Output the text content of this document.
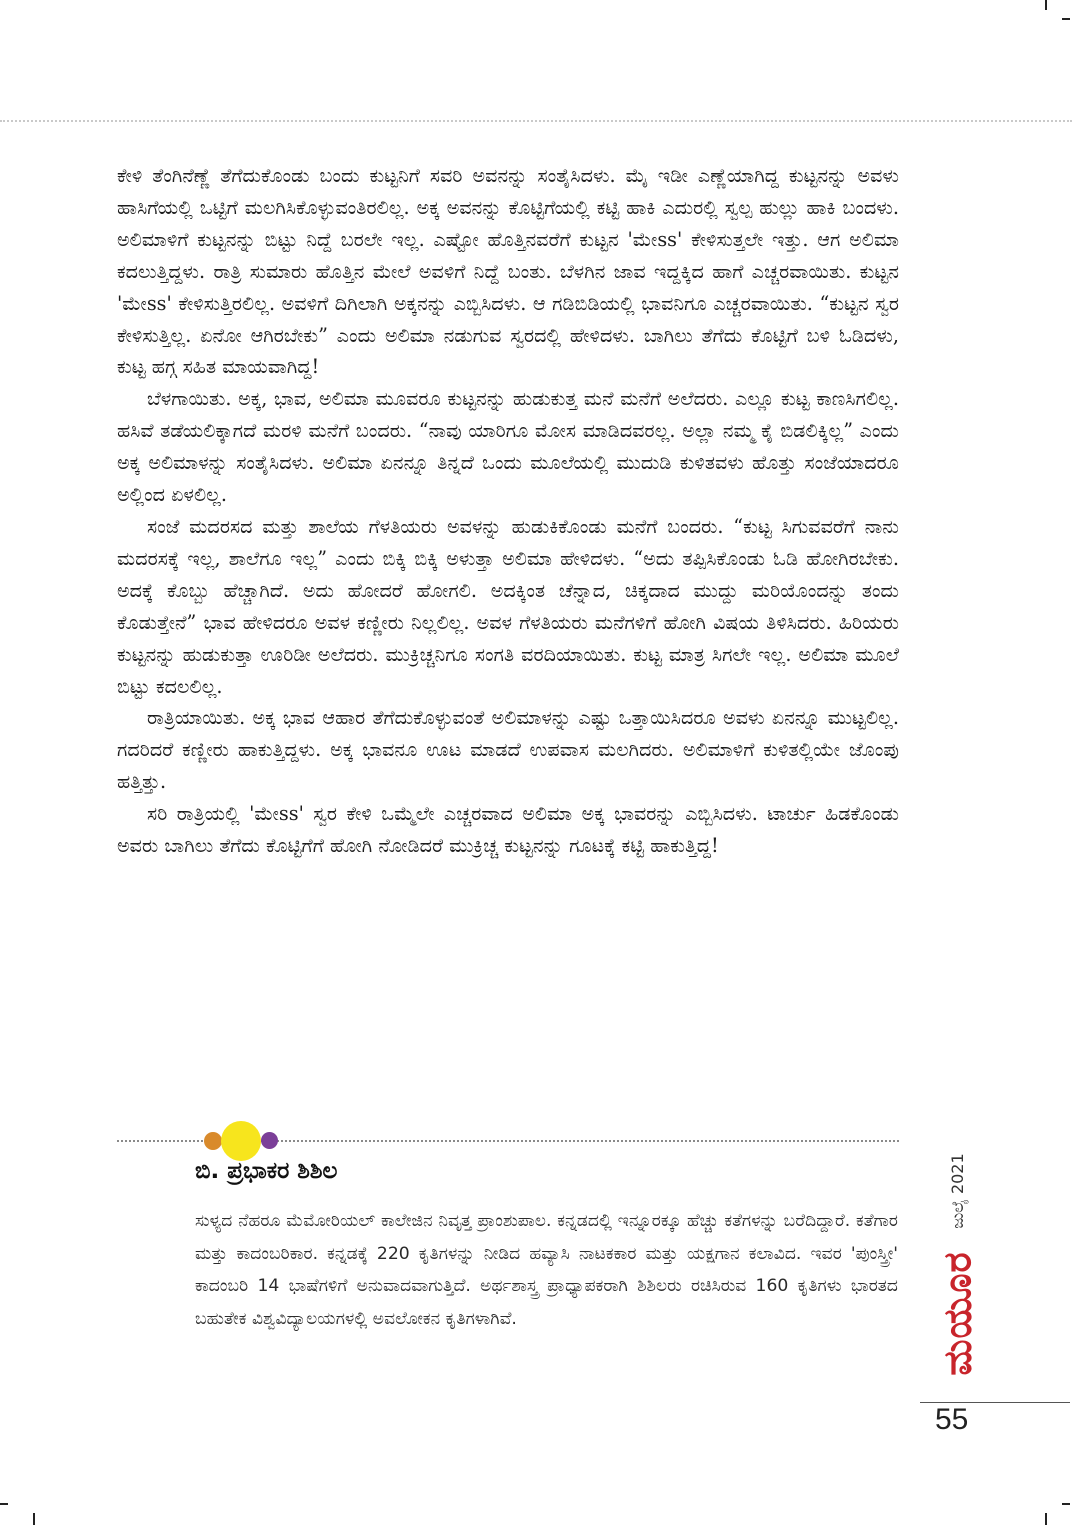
ಕೇಳಿ ತೆಂಗಿನೆಣ್ಣೆ ತೆಗೆದುಕೊಂಡು ಬಂದು ಕುಟ್ಟನಿಗೆ ಸವರಿ ಅವನನ್ನು ಸಂತೈಸಿದಳು. ಮೈ ಇಡೀ ಎಣ್ಣೆಯಾಗಿದ್ದ ಕುಟ್ಟನನ್ನು ಅವಳು ಹಾಸಿಗೆಯಲ್ಲಿ ಒಟ್ಟಿಗೆ ಮಲಗಿಸಿಕೊಳ್ಳುವಂತಿರಲಿಲ್ಲ. ಅಕ್ಕ ಅವನನ್ನು ಕೊಟ್ಟಿಗೆಯಲ್ಲಿ ಕಟ್ಟಿ ಹಾಕಿ ಎದುರಲ್ಲಿ ಸ್ವಲ್ಪ ಹುಲ್ಲು ಹಾಕಿ ಬಂದಳು. ಅಲಿಮಾಳಿಗೆ ಕುಟ್ಟನನ್ನು ಬಿಟ್ಟು ನಿದ್ದೆ ಬರಲೇ ಇಲ್ಲ. ಎಷ್ಟೋ ಹೊತ್ತಿನವರೆಗೆ ಕುಟ್ಟನ 'ಮೇss' ಕೇಳಿಸುತ್ತಲೇ ಇತ್ತು. ಆಗ ಅಲಿಮಾ ಕದಲುತ್ತಿದ್ದಳು. ರಾತ್ರಿ ಸುಮಾರು ಹೊತ್ತಿನ ಮೇಲೆ ಅವಳಿಗೆ ನಿದ್ದೆ ಬಂತು. ಬೆಳಗಿನ ಜಾವ ಇದ್ದಕ್ಕಿದ ಹಾಗೆ ಎಚ್ಚರವಾಯಿತು. ಕುಟ್ಟನ 'ಮೇss' ಕೇಳಿಸುತ್ತಿರಲಿಲ್ಲ. ಅವಳಿಗೆ ದಿಗಿಲಾಗಿ ಅಕ್ಕನನ್ನು ಎಬ್ಬಿಸಿದಳು. ಆ ಗಡಿಬಿಡಿಯಲ್ಲಿ ಭಾವನಿಗೂ ಎಚ್ಚರವಾಯಿತು. “ಕುಟ್ಟನ ಸ್ವರ ಕೇಳಿಸುತ್ತಿಲ್ಲ. ಏನೋ ಆಗಿರಬೇಕು” ಎಂದು ಅಲಿಮಾ ನಡುಗುವ ಸ್ವರದಲ್ಲಿ ಹೇಳಿದಳು. ಬಾಗಿಲು ತೆಗೆದು ಕೊಟ್ಟಿಗೆ ಬಳಿ ಓಡಿದಳು, ಕುಟ್ಟ ಹಗ್ಗ ಸಹಿತ ಮಾಯವಾಗಿದ್ದ!

ಬೆಳಗಾಯಿತು. ಅಕ್ಕ, ಭಾವ, ಅಲಿಮಾ ಮೂವರೂ ಕುಟ್ಟನನ್ನು ಹುಡುಕುತ್ತ ಮನೆ ಮನೆಗೆ ಅಲೆದರು. ಎಲ್ಲೂ ಕುಟ್ಟ ಕಾಣಸಿಗಲಿಲ್ಲ. ಹಸಿವೆ ತಡೆಯಲಿಕ್ಕಾಗದೆ ಮರಳಿ ಮನೆಗೆ ಬಂದರು. “ನಾವು ಯಾರಿಗೂ ಮೋಸ ಮಾಡಿದವರಲ್ಲ. ಅಲ್ಲಾ ನಮ್ಮ ಕೈ ಬಿಡಲಿಕ್ಕಿಲ್ಲ” ಎಂದು ಅಕ್ಕ ಅಲಿಮಾಳನ್ನು ಸಂತೈಸಿದಳು. ಅಲಿಮಾ ಏನನ್ನೂ ತಿನ್ನದೆ ಒಂದು ಮೂಲೆಯಲ್ಲಿ ಮುದುಡಿ ಕುಳಿತವಳು ಹೊತ್ತು ಸಂಜೆಯಾದರೂ ಅಲ್ಲಿಂದ ಏಳಲಿಲ್ಲ.

ಸಂಜೆ ಮದರಸದ ಮತ್ತು ಶಾಲೆಯ ಗೆಳತಿಯರು ಅವಳನ್ನು ಹುಡುಕಿಕೊಂಡು ಮನೆಗೆ ಬಂದರು. “ಕುಟ್ಟ ಸಿಗುವವರೆಗೆ ನಾನು ಮದರಸಕ್ಕೆ ಇಲ್ಲ, ಶಾಲೆಗೂ ಇಲ್ಲ” ಎಂದು ಬಿಕ್ಕಿ ಬಿಕ್ಕಿ ಅಳುತ್ತಾ ಅಲಿಮಾ ಹೇಳಿದಳು. “ಅದು ತಪ್ಪಿಸಿಕೊಂಡು ಓಡಿ ಹೋಗಿರಬೇಕು. ಅದಕ್ಕೆ ಕೊಬ್ಬು ಹೆಚ್ಚಾಗಿದೆ. ಅದು ಹೋದರೆ ಹೋಗಲಿ. ಅದಕ್ಕಿಂತ ಚೆನ್ನಾದ, ಚಿಕ್ಕದಾದ ಮುದ್ದು ಮರಿಯೊಂದನ್ನು ತಂದು ಕೊಡುತ್ತೇನೆ” ಭಾವ ಹೇಳಿದರೂ ಅವಳ ಕಣ್ಣೀರು ನಿಲ್ಲಲಿಲ್ಲ. ಅವಳ ಗೆಳತಿಯರು ಮನೆಗಳಿಗೆ ಹೋಗಿ ವಿಷಯ ತಿಳಿಸಿದರು. ಹಿರಿಯರು ಕುಟ್ಟನನ್ನು ಹುಡುಕುತ್ತಾ ಊರಿಡೀ ಅಲೆದರು. ಮುಕ್ರಿಚ್ಚನಿಗೂ ಸಂಗತಿ ವರದಿಯಾಯಿತು. ಕುಟ್ಟ ಮಾತ್ರ ಸಿಗಲೇ ಇಲ್ಲ. ಅಲಿಮಾ ಮೂಲೆ ಬಿಟ್ಟು ಕದಲಲಿಲ್ಲ.

ರಾತ್ರಿಯಾಯಿತು. ಅಕ್ಕ ಭಾವ ಆಹಾರ ತೆಗೆದುಕೊಳ್ಳುವಂತೆ ಅಲಿಮಾಳನ್ನು ಎಷ್ಟು ಒತ್ತಾಯಿಸಿದರೂ ಅವಳು ಏನನ್ನೂ ಮುಟ್ಟಲಿಲ್ಲ. ಗದರಿದರೆ ಕಣ್ಣೀರು ಹಾಕುತ್ತಿದ್ದಳು. ಅಕ್ಕ ಭಾವನೂ ಊಟ ಮಾಡದೆ ಉಪವಾಸ ಮಲಗಿದರು. ಅಲಿಮಾಳಿಗೆ ಕುಳಿತಲ್ಲಿಯೇ ಜೊಂಪು ಹತ್ತಿತ್ತು.

ಸರಿ ರಾತ್ರಿಯಲ್ಲಿ 'ಮೇss' ಸ್ವರ ಕೇಳಿ ಒಮ್ಮೆಲೇ ಎಚ್ಚರವಾದ ಅಲಿಮಾ ಅಕ್ಕ ಭಾವರನ್ನು ಎಬ್ಬಿಸಿದಳು. ಟಾರ್ಚು ಹಿಡಕೊಂಡು ಅವರು ಬಾಗಿಲು ತೆಗೆದು ಕೊಟ್ಟಿಗೆಗೆ ಹೋಗಿ ನೋಡಿದರೆ ಮುಕ್ರಿಚ್ಚ ಕುಟ್ಟನನ್ನು ಗೂಟಕ್ಕೆ ಕಟ್ಟಿ ಹಾಕುತ್ತಿದ್ದ!

ಬಿ. ಪ್ರಭಾಕರ ಶಿಶಿಲ
ಸುಳ್ಯದ ನೆಹರೂ ಮೆಮೋರಿಯಲ್ ಕಾಲೇಜಿನ ನಿವೃತ್ತ ಪ್ರಾಂಶುಪಾಲ. ಕನ್ನಡದಲ್ಲಿ ಇನ್ನೂರಕ್ಕೂ ಹೆಚ್ಚು ಕತೆಗಳನ್ನು ಬರೆದಿದ್ದಾರೆ. ಕತೆಗಾರ ಮತ್ತು ಕಾದಂಬರಿಕಾರ. ಕನ್ನಡಕ್ಕೆ 220 ಕೃತಿಗಳನ್ನು ನೀಡಿದ ಹವ್ಯಾಸಿ ನಾಟಕಕಾರ ಮತ್ತು ಯಕ್ಷಗಾನ ಕಲಾವಿದ. ಇವರ 'ಪುಂಸ್ತ್ರೀ' ಕಾದಂಬರಿ 14 ಭಾಷೆಗಳಿಗೆ ಅನುವಾದವಾಗುತ್ತಿದೆ. ಅರ್ಥಶಾಸ್ತ್ರ ಪ್ರಾಧ್ಯಾಪಕರಾಗಿ ಶಿಶಿಲರು ರಚಿಸಿರುವ 160 ಕೃತಿಗಳು ಭಾರತದ ಬಹುತೇಕ ವಿಶ್ವವಿದ್ಯಾಲಯಗಳಲ್ಲಿ ಅವಲೋಕನ ಕೃತಿಗಳಾಗಿವೆ.
ಜುಲೈ 2021
ಮಯೂರ
55
